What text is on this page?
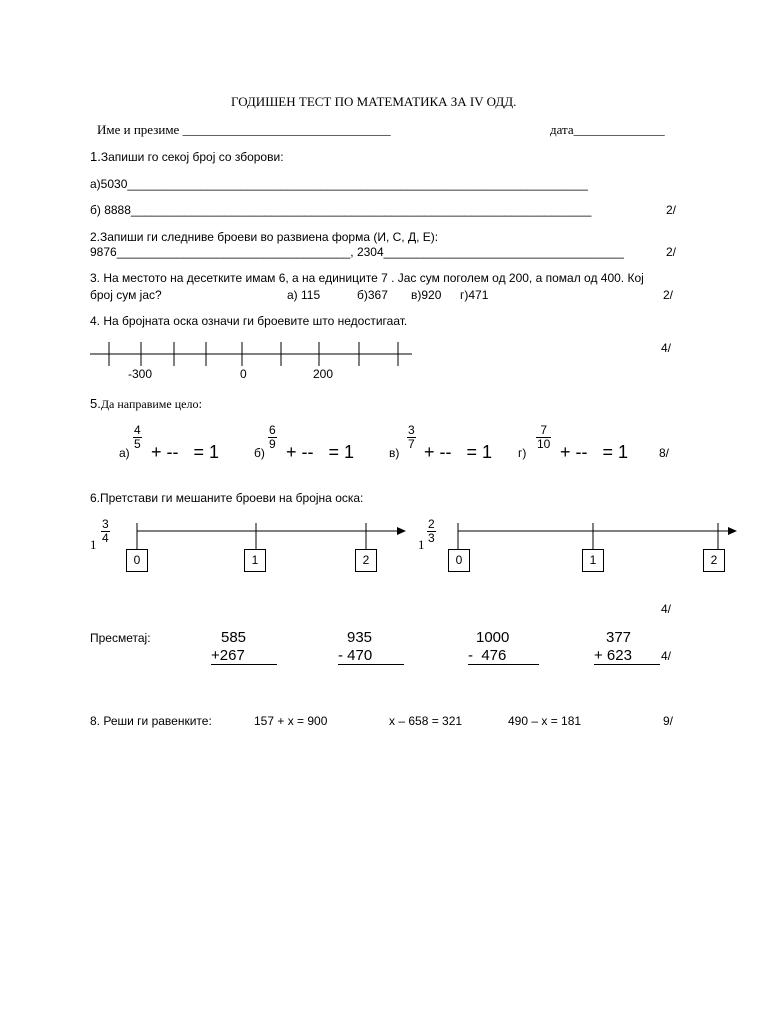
ГОДИШЕН ТЕСТ ПО МАТЕМАТИКА ЗА IV ОДД.
Име и презиме ________________________________	дата______________
1.Запиши го секој број со зборови:
а)5030_____________________________________________________________________
б) 8888_____________________________________________________________________	2/
2.Запиши ги следниве броеви во развиена форма (И, С, Д, Е):
9876___________________________________, 2304____________________________________	2/
3. На местото на десетките имам 6, а на единиците 7 . Јас сум поголем од 200, а помал од 400. Кој
број сум јас?	а) 115	б)367 в)920 г)471	2/
4. На бројната оска означи ги броевите што недостигаат.
4/
-300	0	200
5.Да направиме цело:
а)
$\frac{4}{5}$
+ --   = 1	б)
$\frac{6}{9}$
+ --   = 1	в)
$\frac{3}{7}$
+ --   = 1 г)
$\frac{7}{10}$
+ --   = 1	8/
6.Претстави ги мешаните броеви на бројна оска:
1
$\frac{3}{4}$
0	1	2
1
$\frac{2}{3}$
0	1	2
4/
Пресметај:	585
+267
935
- 470
1000
-  476
377
+ 623	4/
8. Реши ги равенките:	157 + x = 900	x – 658 = 321	490 – x = 181	9/
